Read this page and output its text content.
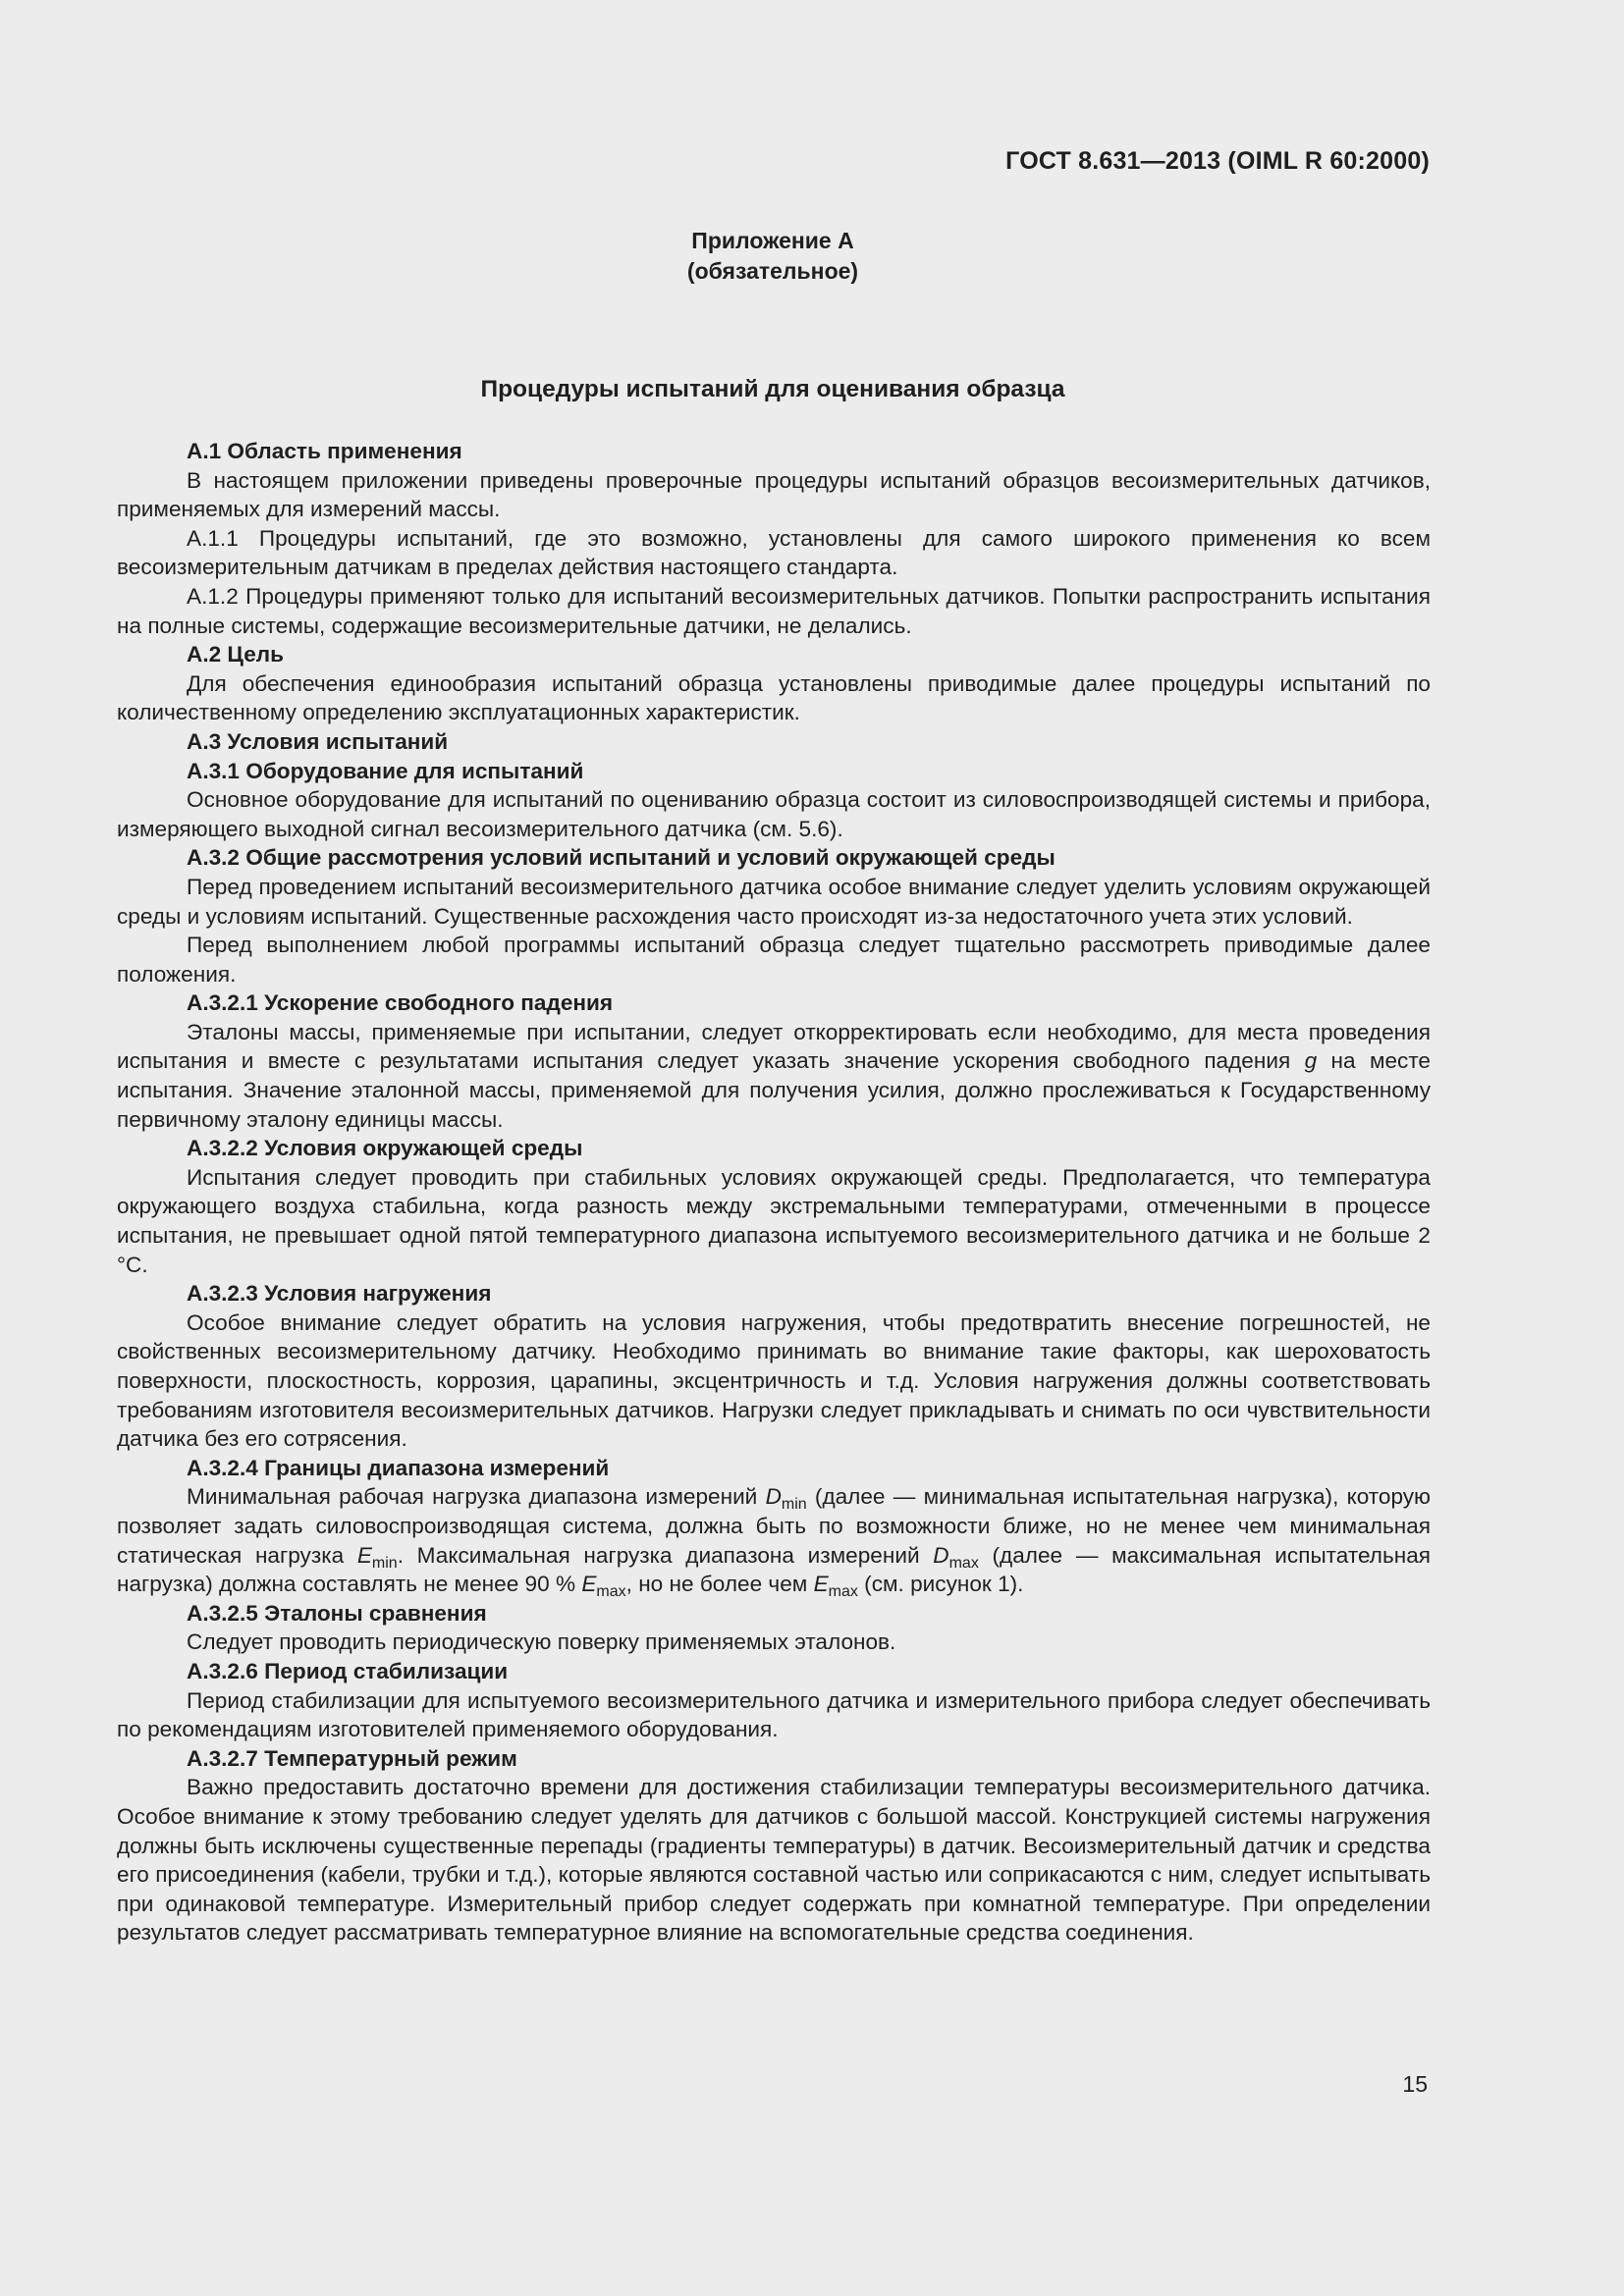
ГОСТ 8.631—2013 (OIML R 60:2000)
Приложение А
(обязательное)
Процедуры испытаний для оценивания образца
А.1 Область применения

В настоящем приложении приведены проверочные процедуры испытаний образцов весоизмерительных датчиков, применяемых для измерений массы.

А.1.1 Процедуры испытаний, где это возможно, установлены для самого широкого применения ко всем весоизмерительным датчикам в пределах действия настоящего стандарта.

А.1.2 Процедуры применяют только для испытаний весоизмерительных датчиков. Попытки распространить испытания на полные системы, содержащие весоизмерительные датчики, не делались.

А.2 Цель

Для обеспечения единообразия испытаний образца установлены приводимые далее процедуры испытаний по количественному определению эксплуатационных характеристик.

А.3 Условия испытаний
А.3.1 Оборудование для испытаний

Основное оборудование для испытаний по оцениванию образца состоит из силовоспроизводящей системы и прибора, измеряющего выходной сигнал весоизмерительного датчика (см. 5.6).

А.3.2 Общие рассмотрения условий испытаний и условий окружающей среды

Перед проведением испытаний весоизмерительного датчика особое внимание следует уделить условиям окружающей среды и условиям испытаний. Существенные расхождения часто происходят из-за недостаточного учета этих условий.

Перед выполнением любой программы испытаний образца следует тщательно рассмотреть приводимые далее положения.

А.3.2.1 Ускорение свободного падения

Эталоны массы, применяемые при испытании, следует откорректировать если необходимо, для места проведения испытания и вместе с результатами испытания следует указать значение ускорения свободного падения g на месте испытания. Значение эталонной массы, применяемой для получения усилия, должно прослеживаться к Государственному первичному эталону единицы массы.

А.3.2.2 Условия окружающей среды

Испытания следует проводить при стабильных условиях окружающей среды. Предполагается, что температура окружающего воздуха стабильна, когда разность между экстремальными температурами, отмеченными в процессе испытания, не превышает одной пятой температурного диапазона испытуемого весоизмерительного датчика и не больше 2 °С.

А.3.2.3 Условия нагружения

Особое внимание следует обратить на условия нагружения, чтобы предотвратить внесение погрешностей, не свойственных весоизмерительному датчику. Необходимо принимать во внимание такие факторы, как шероховатость поверхности, плоскостность, коррозия, царапины, эксцентричность и т.д. Условия нагружения должны соответствовать требованиям изготовителя весоизмерительных датчиков. Нагрузки следует прикладывать и снимать по оси чувствительности датчика без его сотрясения.

А.3.2.4 Границы диапазона измерений

Минимальная рабочая нагрузка диапазона измерений $D_{min}$ (далее — минимальная испытательная нагрузка), которую позволяет задать силовоспроизводящая система, должна быть по возможности ближе, но не менее чем минимальная статическая нагрузка $E_{min}$. Максимальная нагрузка диапазона измерений $D_{max}$ (далее — максимальная испытательная нагрузка) должна составлять не менее 90 % $E_{max}$, но не более чем $E_{max}$ (см. рисунок 1).

А.3.2.5 Эталоны сравнения

Следует проводить периодическую поверку применяемых эталонов.

А.3.2.6 Период стабилизации

Период стабилизации для испытуемого весоизмерительного датчика и измерительного прибора следует обеспечивать по рекомендациям изготовителей применяемого оборудования.

А.3.2.7 Температурный режим

Важно предоставить достаточно времени для достижения стабилизации температуры весоизмерительного датчика. Особое внимание к этому требованию следует уделять для датчиков с большой массой. Конструкцией системы нагружения должны быть исключены существенные перепады (градиенты температуры) в датчик. Весоизмерительный датчик и средства его присоединения (кабели, трубки и т.д.), которые являются составной частью или соприкасаются с ним, следует испытывать при одинаковой температуре. Измерительный прибор следует содержать при комнатной температуре. При определении результатов следует рассматривать температурное влияние на вспомогательные средства соединения.

15
